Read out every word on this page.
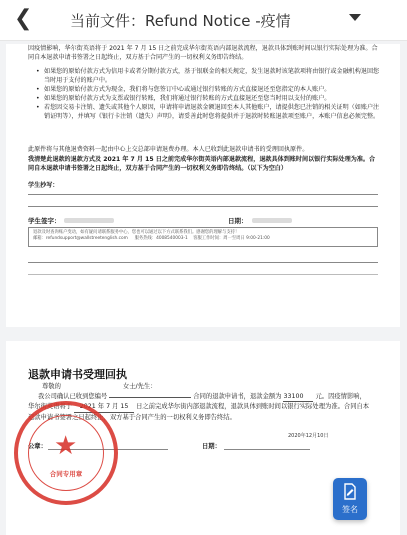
❮	当前文件：Refund Notice -疫情
因疫情影响，华尔街英语将于 2021 年 7 月 15 日之前完成华尔街英语内部退款流程，退款具体到账时间以银行实际处理为准。合同自本退款申请书签署之日起终止，双方基于合同产生的一切权利义务即告终结。
• 如果您的原始付款方式为信用卡或者分期付款方式，基于银联金的相关规定，发生退款时该笔款项将由银行或金融机构退回您当时用于支付的账户中。
• 如果您的原始付款方式为现金，我们将与您签订中心或通过银行转账的方式直接退还至您指定的本人账户。
• 如果您的原始付款方式为支票或银行转账，我们将通过银行转账的方式直接退还至您当时用以支付的账户。
• 若您因交易卡注销、遗失或其他个人原因，申请将申请退款金额退回至本人其他账户，请提供您已注销的相关证明（如账户注销证明等），并填写《银行卡注销（遗失）声明》，请妥善此时您将提供并于退款时转账退款项至账户，本账户信息必须完整。
此原件将与其他退费资料一起由中心上交总部申请退费办理。本人已收到此退款申请书的受理回执原件。
我清楚此退款的退款方式及 2021 年 7 月 15 日之前完成华尔街英语内部退款流程，退款具体到账时间以银行实际处理为准。合同自本退款申请书签署之日起终止，双方基于合同产生的一切权利义务即告终结。（以下为空白）
学生抄写：
学生签字：	日期：
退款及时查询账户变动，如有疑问请联系服务中心，您也可以通过以下方式联系我们。感谢您的理解与支持！
邮箱：refundsupport@wallstreetenglish.com 服务热线：4008540003-1 客服工作时间：周一至周日 9:00-21:00
退款申请书受理回执
尊敬的	女士/先生：
我公司确认已收到您编号	合同的退款申请书，退款金额为 33100 元。因疫情影响，
华尔街英语将于 2021 年 7 月 15 日之前完成华尔街内部退款流程，退款具体到账时间以银行实际处理为准。合同自本退款申请书签署之日起终止，双方基于合同产生的一切权利义务即告终结。
2020年12月10日
公章：	日期：
★
合同专用章
签名
